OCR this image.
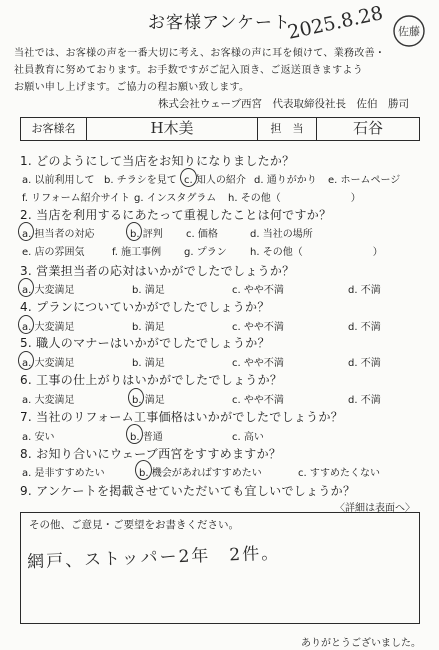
お客様アンケート
2025.8.28 佐藤
当社では、お客様の声を一番大切に考え、お客様の声に耳を傾けて、業務改善・
社員教育に努めております。お手数ですがご記入頂き、ご返送頂きますよう
お願い申し上げます。ご協力の程お願い致します。
株式会社ウェーブ西宮　代表取締役社長　佐伯　勝司
お客様名	H木美	担　当	石谷
1. どのようにして当店をお知りになりましたか？
a. 以前利用して b. チラシを見て c. 知人の紹介 d. 通りがかり e. ホームページ
f. リフォーム紹介サイト g. インスタグラム h. その他（　　　　　　　）
2. 当店を利用するにあたって重視したことは何ですか？
a. 担当者の対応	b. 評判 c. 価格	d. 当社の場所
e. 店の雰囲気	f. 施工事例 g. プラン h. その他（　　　　　　　）
3. 営業担当者の応対はいかがでしたでしょうか？
a. 大変満足	b. 満足	c. やや不満	d. 不満
4. プランについていかがでしたでしょうか？
a. 大変満足	b. 満足	c. やや不満	d. 不満
5. 職人のマナーはいかがでしたでしょうか？
a. 大変満足	b. 満足	c. やや不満	d. 不満
6. 工事の仕上がりはいかがでしたでしょうか？
a. 大変満足	b. 満足	c. やや不満	d. 不満
7. 当社のリフォーム工事価格はいかがでしたでしょうか？
a. 安い	b. 普通	c. 高い
8. お知り合いにウェーブ西宮をすすめますか？
a. 是非すすめたい	b. 機会があればすすめたい	c. すすめたくない
9. アンケートを掲載させていただいても宜しいでしょうか？
〈詳細は表面へ〉
その他、ご意見・ご要望をお書きください。
網戸、ストッパー2年　2件。
ありがとうございました。
